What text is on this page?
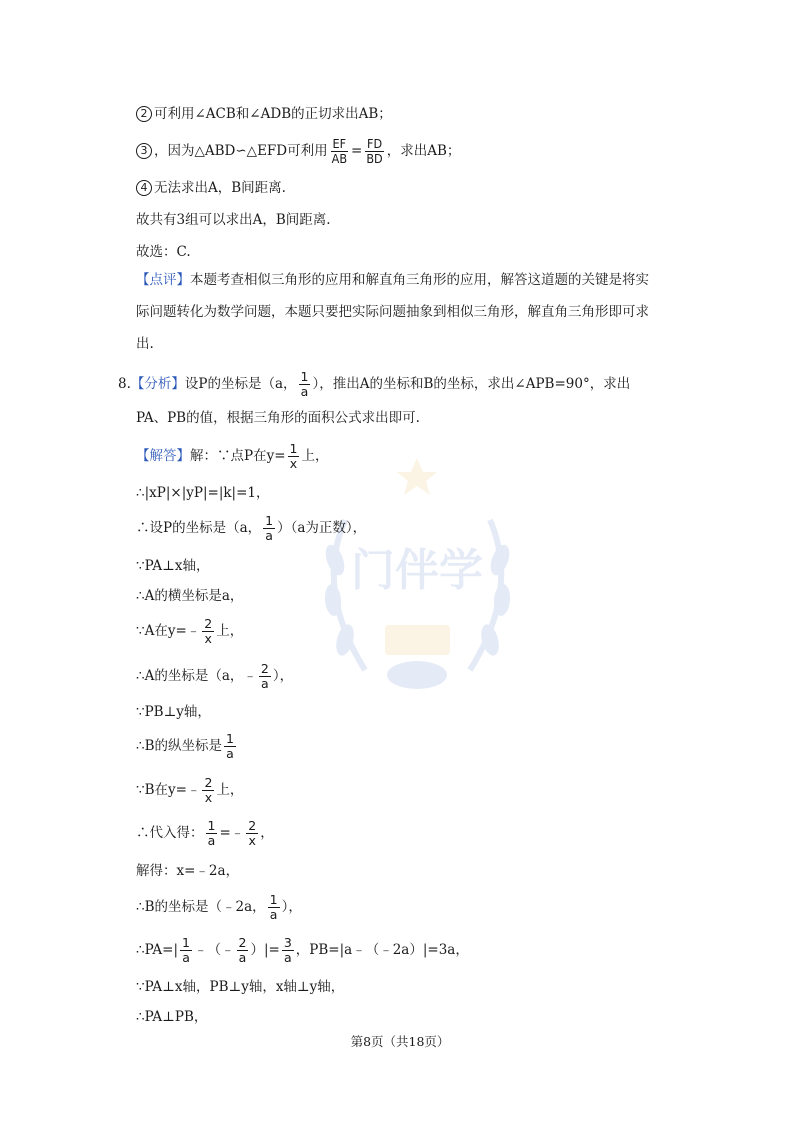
门伴学
2 可利用∠ACB和∠ADB的正切求出AB；
3 ，因为△ABD∽△EFD可利用 $\frac{EF}{AB} = \frac{FD}{BD}$ ，求出AB；
4 无法求出A，B间距离.
故共有3组可以求出A，B间距离.
故选：C.
【点评】本题考查相似三角形的应用和解直角三角形的应用，解答这道题的关键是将实
际问题转化为数学问题，本题只要把实际问题抽象到相似三角形，解直角三角形即可求
出.
8.【分析】设P的坐标是（a， $\frac{1}{a}$ ），推出A的坐标和B的坐标，求出∠APB=90°，求出
PA、PB的值，根据三角形的面积公式求出即可.
【解答】解：∵点P在$y= \frac{1}{x}$ 上，
∴|xP|×|yP|=|k|=1，
∴设P的坐标是（a， $\frac{1}{a} )(a$为正数），
∵PA⊥x轴，
∴A的横坐标是a，
∵A在y=﹣ $\frac{2}{x}$ 上，
∴A的坐标是（a，﹣ $\frac{2}{a}$ ），
∵PB⊥y轴，
∴B的纵坐标是 $\frac{1}{a}$
∵B在y=﹣ $\frac{2}{x}$ 上，
∴代入得： $\frac{1}{a}$ =﹣ $\frac{2}{x}$ ，
解得：x=﹣2a，
∴B的坐标是（﹣2a， $\frac{1}{a}$ ），
∴PA=| $\frac{1}{a}$ ﹣（﹣ $\frac{2}{a}$ ）|= $\frac{3}{a}$ ，PB=|a﹣（﹣2a）|=3a，
∵PA⊥x轴，PB⊥y轴，x轴⊥y轴，
∴PA⊥PB，
第8页（共18页）
